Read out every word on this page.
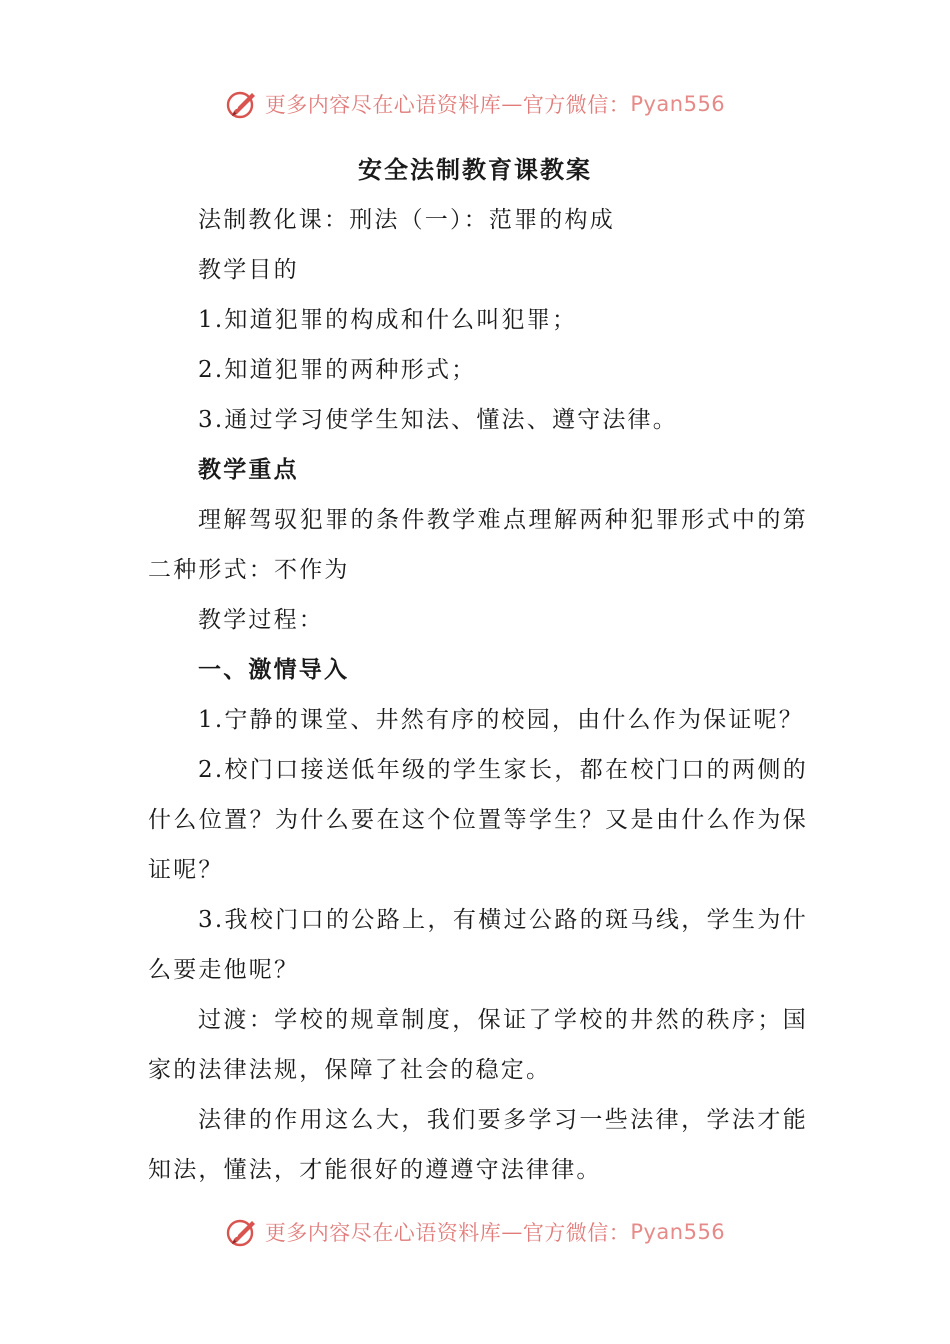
更多内容尽在心语资料库 — 官方微信： Pyan556
安全法制教育课教案

法制教化课：刑法（一）：范罪的构成

教学目的

1.知道犯罪的构成和什么叫犯罪；

2.知道犯罪的两种形式；

3.通过学习使学生知法、懂法、遵守法律。

教学重点

理解驾驭犯罪的条件教学难点理解两种犯罪形式中的第二种形式：不作为

教学过程：

一、激情导入

1.宁静的课堂、井然有序的校园，由什么作为保证呢？

2.校门口接送低年级的学生家长，都在校门口的两侧的什么位置？为什么要在这个位置等学生？又是由什么作为保证呢？

3.我校门口的公路上，有横过公路的斑马线，学生为什么要走他呢？

过渡：学校的规章制度，保证了学校的井然的秩序；国家的法律法规，保障了社会的稳定。

法律的作用这么大，我们要多学习一些法律，学法才能知法，懂法，才能很好的遵遵守法律律。

更多内容尽在心语资料库 — 官方微信： Pyan556
